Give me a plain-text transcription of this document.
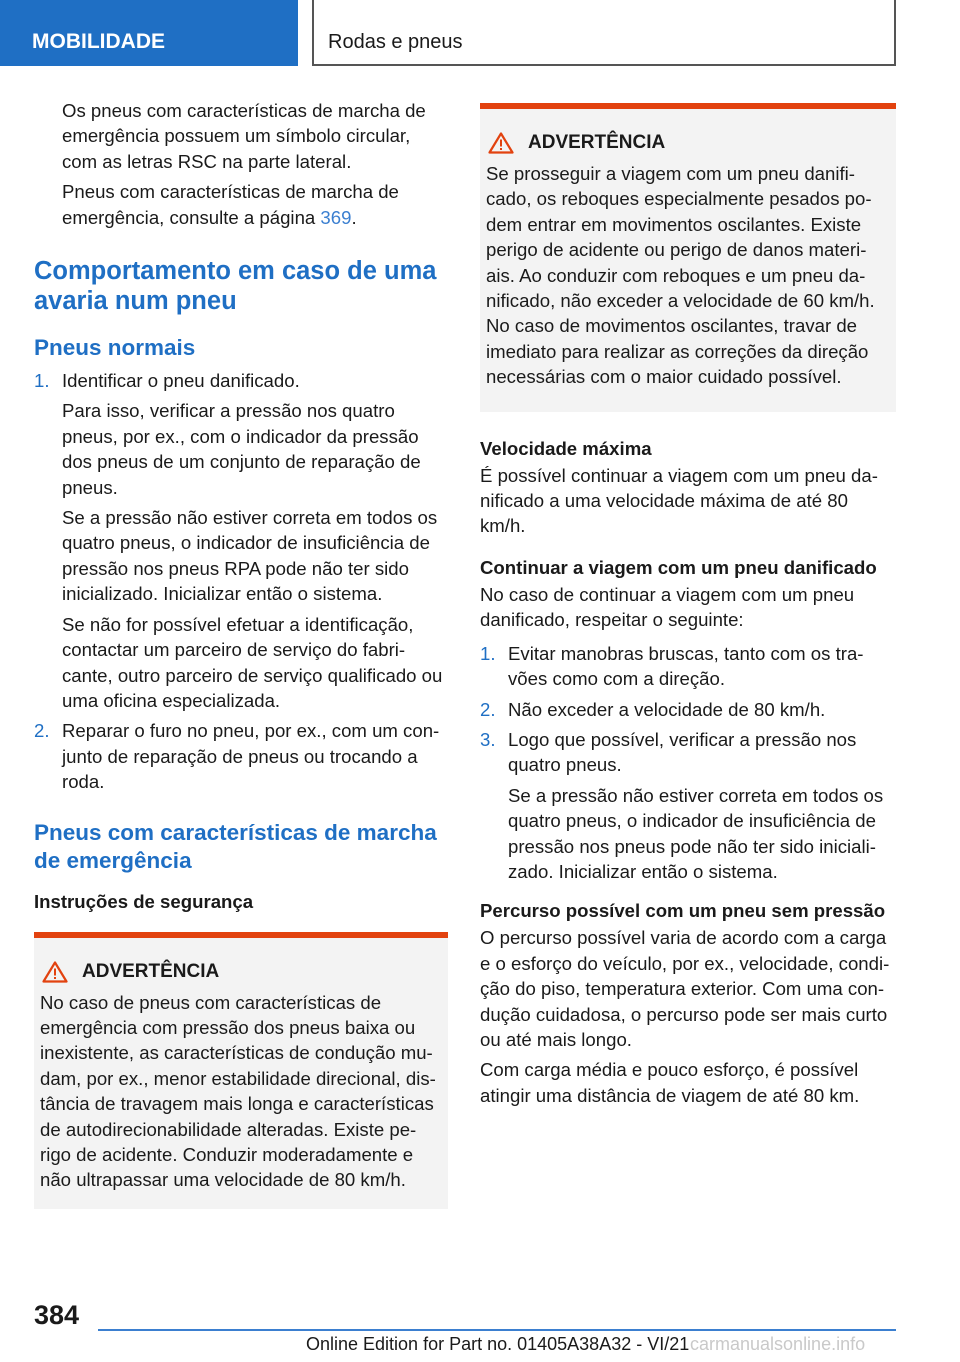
MOBILIDADE	Rodas e pneus

Os pneus com características de marcha de emergência possuem um símbolo circular, com as letras RSC na parte lateral.

Pneus com características de marcha de emergência, consulte a página 369.

Comportamento em caso de uma avaria num pneu
Pneus normais
1. Identificar o pneu danificado.

Para isso, verificar a pressão nos quatro pneus, por ex., com o indicador da pressão dos pneus de um conjunto de reparação de pneus.

Se a pressão não estiver correta em todos os quatro pneus, o indicador de insuficiência de pressão nos pneus RPA pode não ter sido inicializado. Inicializar então o sistema.

Se não for possível efetuar a identificação, contactar um parceiro de serviço do fabri-cante, outro parceiro de serviço qualificado ou uma oficina especializada.

2. Reparar o furo no pneu, por ex., com um con-junto de reparação de pneus ou trocando a roda.

Pneus com características de marcha de emergência
Instruções de segurança
ADVERTÊNCIA

No caso de pneus com características de emergência com pressão dos pneus baixa ou inexistente, as características de condução mu-dam, por ex., menor estabilidade direcional, dis-tância de travagem mais longa e características de autodirecionabilidade alteradas. Existe pe-rigo de acidente. Conduzir moderadamente e não ultrapassar uma velocidade de 80 km/h.

ADVERTÊNCIA

Se prosseguir a viagem com um pneu danifi-cado, os reboques especialmente pesados po-dem entrar em movimentos oscilantes. Existe perigo de acidente ou perigo de danos materi-ais. Ao conduzir com reboques e um pneu da-nificado, não exceder a velocidade de 60 km/h. No caso de movimentos oscilantes, travar de imediato para realizar as correções da direção necessárias com o maior cuidado possível.

Velocidade máxima

É possível continuar a viagem com um pneu da-nificado a uma velocidade máxima de até 80 km/h.

Continuar a viagem com um pneu danificado

No caso de continuar a viagem com um pneu danificado, respeitar o seguinte:

1. Evitar manobras bruscas, tanto com os tra-vões como com a direção.

2. Não exceder a velocidade de 80 km/h.

3. Logo que possível, verificar a pressão nos quatro pneus.

Se a pressão não estiver correta em todos os quatro pneus, o indicador de insuficiência de pressão nos pneus pode não ter sido iniciali-zado. Inicializar então o sistema.

Percurso possível com um pneu sem pressão

O percurso possível varia de acordo com a carga e o esforço do veículo, por ex., velocidade, condi-ção do piso, temperatura exterior. Com uma con-dução cuidadosa, o percurso pode ser mais curto ou até mais longo.

Com carga média e pouco esforço, é possível atingir uma distância de viagem de até 80 km.

384
Online Edition for Part no. 01405A38A32 - VI/21 carmanualsonline.info
